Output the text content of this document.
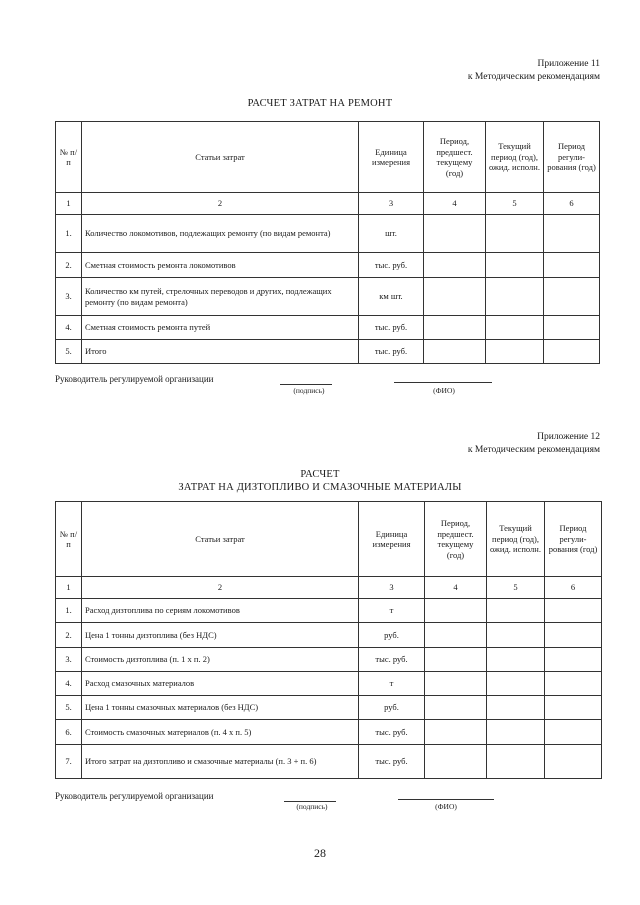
Приложение 11
к Методическим рекомендациям
РАСЧЕТ ЗАТРАТ НА РЕМОНТ
№ п/п	Статьи затрат	Единица измерения	Период, предшест. текущему (год)	Текущий период (год), ожид. исполн.	Период регули-рования (год)
1	2	3	4	5	6
1.	Количество локомотивов, подлежащих ремонту (по видам ремонта)	шт.			
2.	Сметная стоимость ремонта локомотивов	тыс. руб.			
3.	Количество км путей, стрелочных переводов и других, подлежащих ремонту (по видам ремонта)	км шт.			
4.	Сметная стоимость ремонта путей	тыс. руб.			
5.	Итого	тыс. руб.			
Руководитель регулируемой организации
(подпись)	(ФИО)
Приложение 12
к Методическим рекомендациям
РАСЧЕТ
ЗАТРАТ НА ДИЗТОПЛИВО И СМАЗОЧНЫЕ МАТЕРИАЛЫ
№ п/п	Статьи затрат	Единица измерения	Период, предшест. текущему (год)	Текущий период (год), ожид. исполн.	Период регули-рования (год)
1	2	3	4	5	6
1.	Расход дизтоплива по сериям локомотивов	т			
2.	Цена 1 тонны дизтоплива (без НДС)	руб.			
3.	Стоимость дизтоплива (п. 1 х п. 2)	тыс. руб.			
4.	Расход смазочных материалов	т			
5.	Цена 1 тонны смазочных материалов (без НДС)	руб.			
6.	Стоимость смазочных материалов (п. 4 х п. 5)	тыс. руб.			
7.	Итого затрат на дизтопливо и смазочные материалы (п. 3 + п. 6)	тыс. руб.			
Руководитель регулируемой организации
(подпись)	(ФИО)
28
